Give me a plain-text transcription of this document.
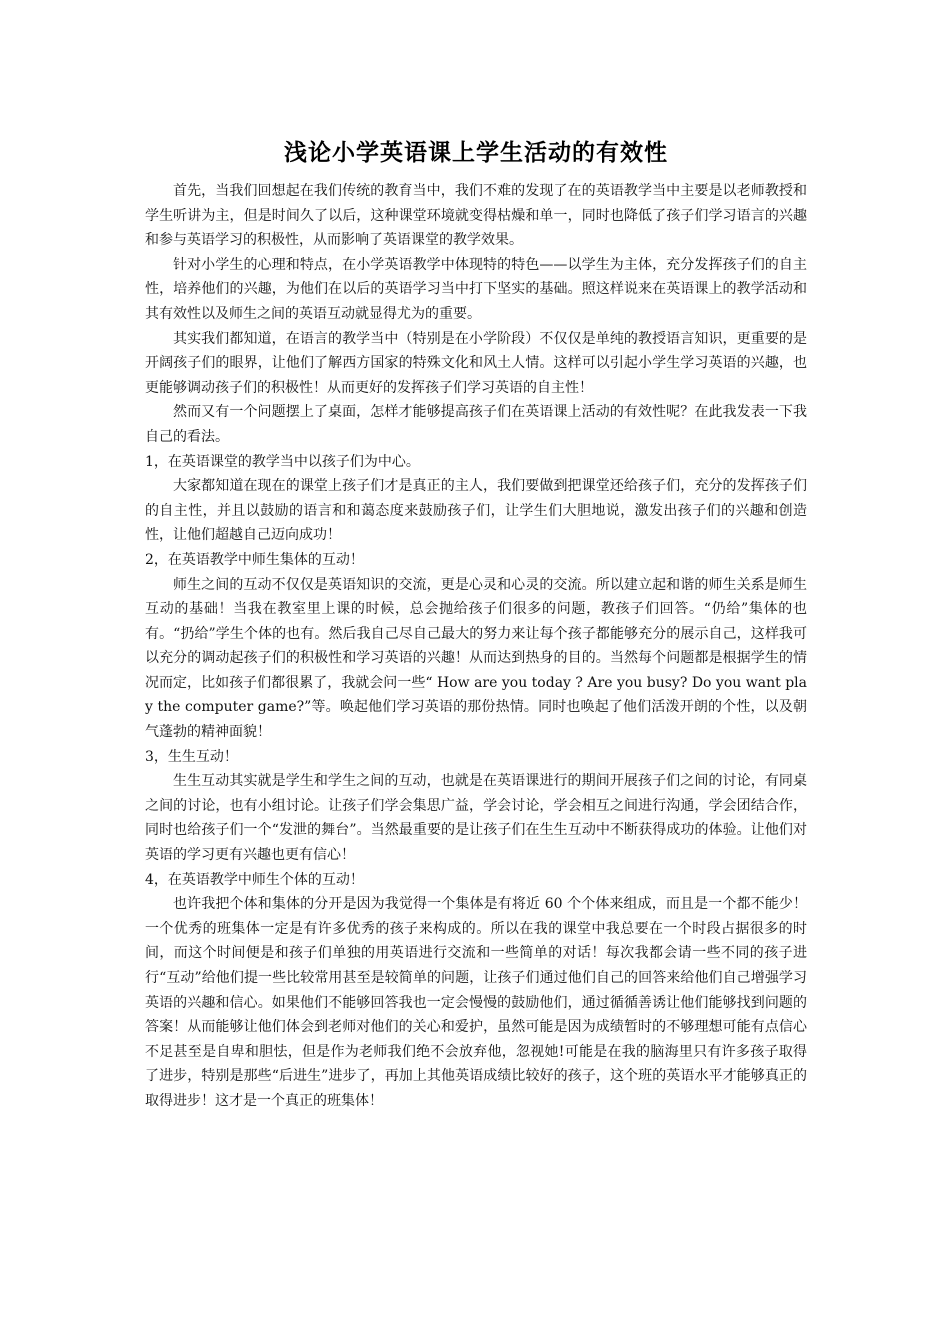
浅论小学英语课上学生活动的有效性

首先，当我们回想起在我们传统的教育当中，我们不难的发现了在的英语教学当中主要是以老师教授和学生听讲为主，但是时间久了以后，这种课堂环境就变得枯燥和单一，同时也降低了孩子们学习语言的兴趣和参与英语学习的积极性，从而影响了英语课堂的教学效果。

针对小学生的心理和特点，在小学英语教学中体现特的特色——以学生为主体，充分发挥孩子们的自主性，培养他们的兴趣，为他们在以后的英语学习当中打下坚实的基础。照这样说来在英语课上的教学活动和其有效性以及师生之间的英语互动就显得尤为的重要。

其实我们都知道，在语言的教学当中（特别是在小学阶段）不仅仅是单纯的教授语言知识，更重要的是开阔孩子们的眼界，让他们了解西方国家的特殊文化和风土人情。这样可以引起小学生学习英语的兴趣，也更能够调动孩子们的积极性！从而更好的发挥孩子们学习英语的自主性！

然而又有一个问题摆上了桌面，怎样才能够提高孩子们在英语课上活动的有效性呢？在此我发表一下我自己的看法。

1，在英语课堂的教学当中以孩子们为中心。

大家都知道在现在的课堂上孩子们才是真正的主人，我们要做到把课堂还给孩子们，充分的发挥孩子们的自主性，并且以鼓励的语言和和蔼态度来鼓励孩子们，让学生们大胆地说，激发出孩子们的兴趣和创造性，让他们超越自己迈向成功！

2，在英语教学中师生集体的互动！

师生之间的互动不仅仅是英语知识的交流，更是心灵和心灵的交流。所以建立起和谐的师生关系是师生互动的基础！当我在教室里上课的时候，总会抛给孩子们很多的问题，教孩子们回答。“仍给”集体的也有。“扔给”学生个体的也有。然后我自己尽自己最大的努力来让每个孩子都能够充分的展示自己，这样我可以充分的调动起孩子们的积极性和学习英语的兴趣！从而达到热身的目的。当然每个问题都是根据学生的情况而定，比如孩子们都很累了，我就会问一些“ How are you today ? Are you busy? Do you want play the computer game?”等。唤起他们学习英语的那份热情。同时也唤起了他们活泼开朗的个性，以及朝气蓬勃的精神面貌！

3，生生互动！

生生互动其实就是学生和学生之间的互动，也就是在英语课进行的期间开展孩子们之间的讨论，有同桌之间的讨论，也有小组讨论。让孩子们学会集思广益，学会讨论，学会相互之间进行沟通，学会团结合作，同时也给孩子们一个“发泄的舞台”。当然最重要的是让孩子们在生生互动中不断获得成功的体验。让他们对英语的学习更有兴趣也更有信心！

4，在英语教学中师生个体的互动！

也许我把个体和集体的分开是因为我觉得一个集体是有将近 60 个个体来组成，而且是一个都不能少！一个优秀的班集体一定是有许多优秀的孩子来构成的。所以在我的课堂中我总要在一个时段占据很多的时间，而这个时间便是和孩子们单独的用英语进行交流和一些简单的对话！每次我都会请一些不同的孩子进行“互动”给他们提一些比较常用甚至是较简单的问题，让孩子们通过他们自己的回答来给他们自己增强学习英语的兴趣和信心。如果他们不能够回答我也一定会慢慢的鼓励他们，通过循循善诱让他们能够找到问题的答案！从而能够让他们体会到老师对他们的关心和爱护，虽然可能是因为成绩暂时的不够理想可能有点信心不足甚至是自卑和胆怯，但是作为老师我们绝不会放弃他，忽视她!可能是在我的脑海里只有许多孩子取得了进步，特别是那些“后进生”进步了，再加上其他英语成绩比较好的孩子，这个班的英语水平才能够真正的取得进步！这才是一个真正的班集体！
